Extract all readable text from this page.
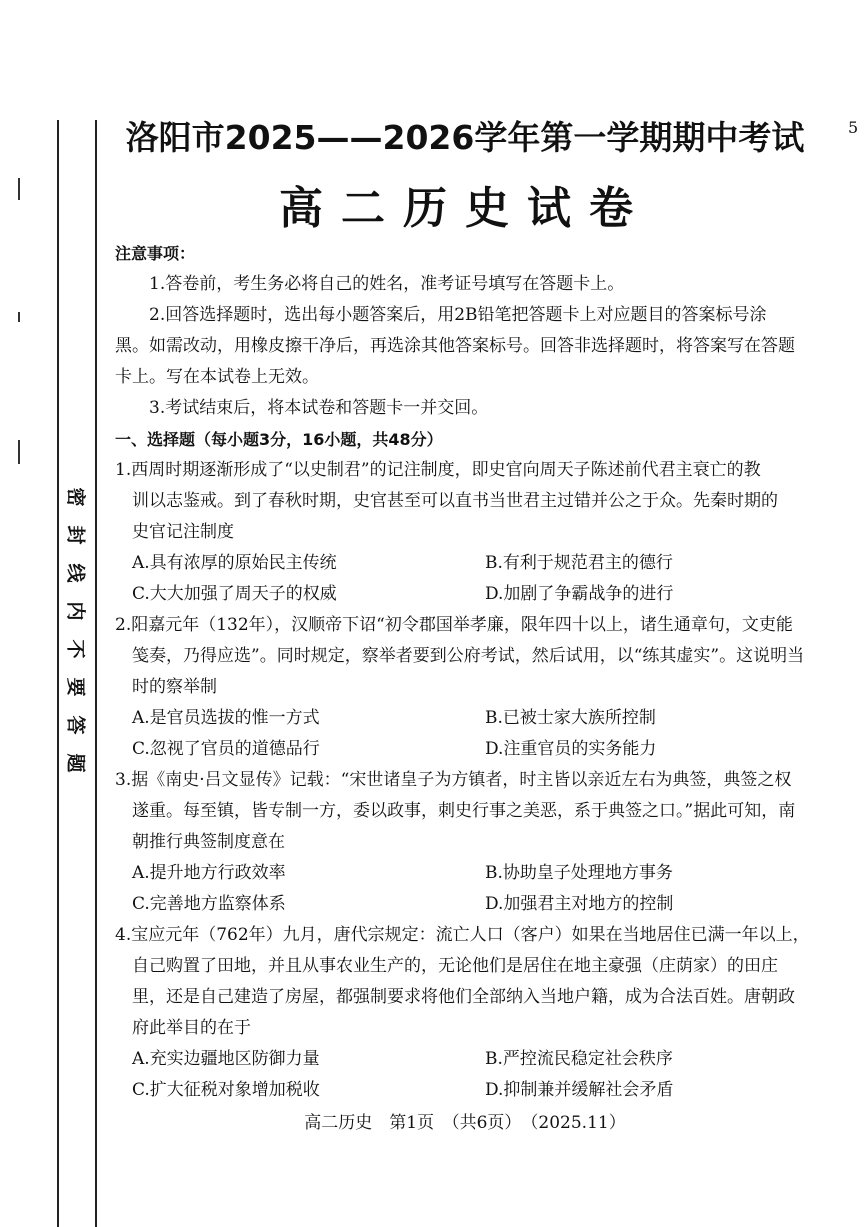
密
封
线
内
不
要
答
题
5
洛阳市2025——2026学年第一学期期中考试
高二历史试卷
注意事项：
1.答卷前，考生务必将自己的姓名，准考证号填写在答题卡上。
2.回答选择题时，选出每小题答案后，用2B铅笔把答题卡上对应题目的答案标号涂
黑。如需改动，用橡皮擦干净后，再选涂其他答案标号。回答非选择题时，将答案写在答题
卡上。写在本试卷上无效。
3.考试结束后，将本试卷和答题卡一并交回。
一、选择题（每小题3分，16小题，共48分）
1.西周时期逐渐形成了“以史制君”的记注制度，即史官向周天子陈述前代君主衰亡的教
训以志鉴戒。到了春秋时期，史官甚至可以直书当世君主过错并公之于众。先秦时期的
史官记注制度
A.具有浓厚的原始民主传统	B.有利于规范君主的德行
C.大大加强了周天子的权威	D.加剧了争霸战争的进行
2.阳嘉元年（132年），汉顺帝下诏“初令郡国举孝廉，限年四十以上，诸生通章句，文吏能
笺奏，乃得应选”。同时规定，察举者要到公府考试，然后试用，以“练其虚实”。这说明当
时的察举制
A.是官员选拔的惟一方式	B.已被士家大族所控制
C.忽视了官员的道德品行	D.注重官员的实务能力
3.据《南史·吕文显传》记载：“宋世诸皇子为方镇者，时主皆以亲近左右为典签，典签之权
遂重。每至镇，皆专制一方，委以政事，刺史行事之美恶，系于典签之口。”据此可知，南
朝推行典签制度意在
A.提升地方行政效率	B.协助皇子处理地方事务
C.完善地方监察体系	D.加强君主对地方的控制
4.宝应元年（762年）九月，唐代宗规定：流亡人口（客户）如果在当地居住已满一年以上，
自己购置了田地，并且从事农业生产的，无论他们是居住在地主豪强（庄荫家）的田庄
里，还是自己建造了房屋，都强制要求将他们全部纳入当地户籍，成为合法百姓。唐朝政
府此举目的在于
A.充实边疆地区防御力量	B.严控流民稳定社会秩序
C.扩大征税对象增加税收	D.抑制兼并缓解社会矛盾
高二历史　第1页　（共6页）　（2025.11）
